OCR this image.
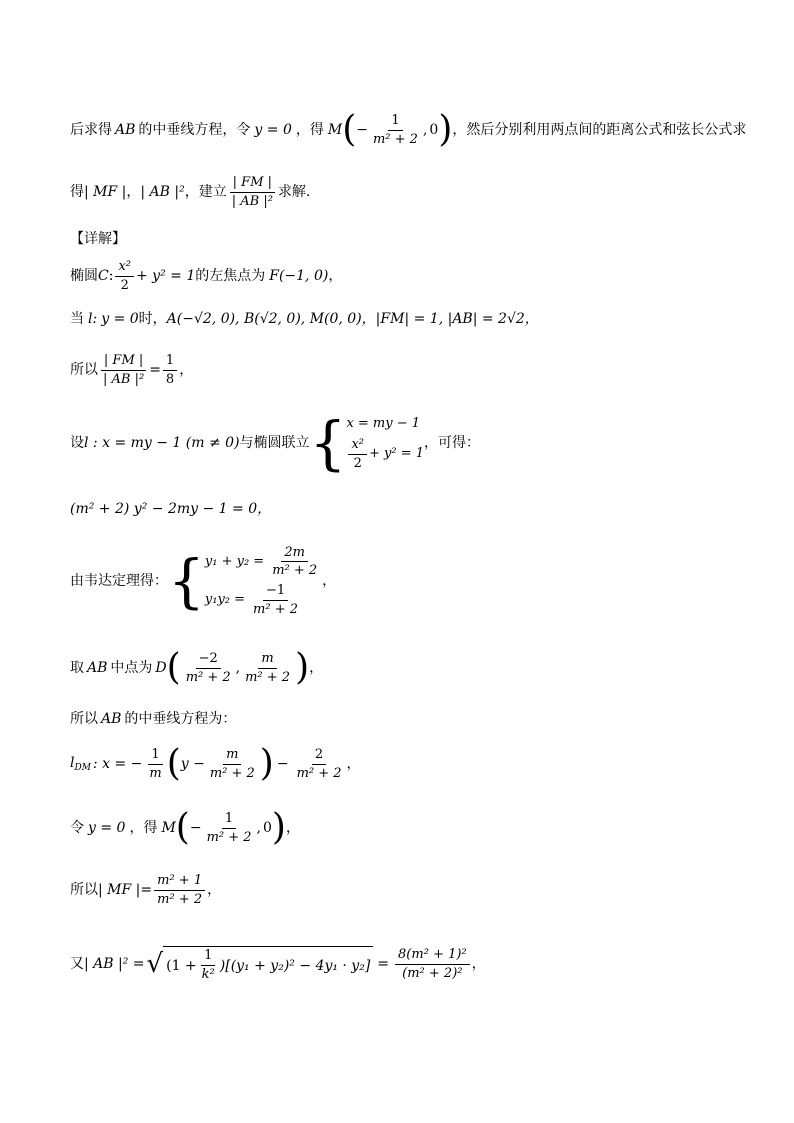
后求得 AB 的中垂线方程，令 y = 0 ，得 M ( − $\frac{1}{\text{m² + 2}}$ , 0 ) ，然后分别利用两点间的距离公式和弦长公式求
得 | MF | ， | AB |² ，建立 $\frac{| FM |}{\text{| AB |²}}$ 求解.
【详解】
椭圆 C : $\frac{\text{x²}}{2} + y^2 = 1$ 的左焦点为 F(−1, 0) ，
当 l: y = 0 时， A(−√2, 0), B(√2, 0), M(0, 0)，|FM| = 1, |AB| = 2√2，
所以 $\frac{| FM |}{\text{| AB |²}} = \frac{1}{8}$ ，
设 l : x = my − 1 (m ≠ 0) 与椭圆联立 { x = my − 1
$\frac{\text{x²}}{2} + y^2 = 1$
，可得：
(m² + 2) y² − 2my − 1 = 0，
由韦达定理得： { $y_1 + y_2 = \frac{2m}{\text{m² + 2}}$
$y_1y_2 = \frac{-1}{\text{m² + 2}}$
，
取 AB 中点为 D ( $\frac{-2}{\text{m² + 2}}$ , $\frac{m}{\text{m² + 2}}$ ) ，
所以 AB 的中垂线方程为：
$l_{DM}$ : x = − $\frac{1}{m}$ ( $y - \frac{m}{\text{m² + 2}}$ ) − $\frac{2}{\text{m² + 2}}$ ，
令 y = 0 ，得 M ( − $\frac{1}{\text{m² + 2}}$ , 0 ) ，
所以 | MF |= $\frac{\text{m² + 1}}{\text{m² + 2}}$ ，
又 | AB |² = √ $(1 + \frac{1}{\text{k²}} )[(y_1 + y_2)^2 - 4y_1 \cdot y_2] = \frac{\text{8(m² + 1)²}}{\text{(m² + 2)²}}$ ，
